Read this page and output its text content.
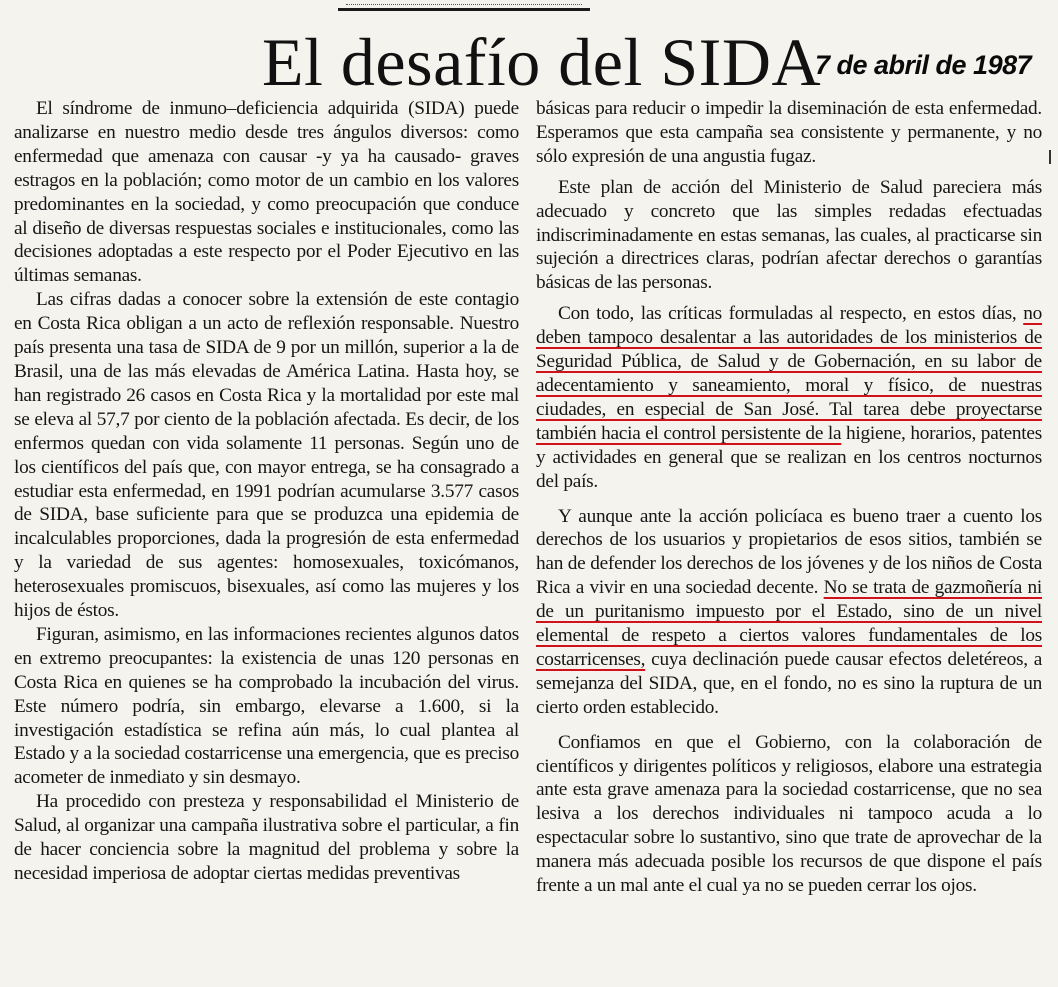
El desafío del SIDA
7 de abril de 1987

El síndrome de inmuno–deficiencia adquirida (SIDA) puede analizarse en nuestro medio desde tres ángulos diversos: como enfermedad que amenaza con causar -y ya ha causado- graves estragos en la población; como motor de un cambio en los valores predominantes en la sociedad, y como preocupación que conduce al diseño de diversas respuestas sociales e institucionales, como las decisiones adoptadas a este respecto por el Poder Ejecutivo en las últimas semanas.

Las cifras dadas a conocer sobre la extensión de este contagio en Costa Rica obligan a un acto de reflexión responsable. Nuestro país presenta una tasa de SIDA de 9 por un millón, superior a la de Brasil, una de las más elevadas de América Latina. Hasta hoy, se han registrado 26 casos en Costa Rica y la mortalidad por este mal se eleva al 57,7 por ciento de la población afectada. Es decir, de los enfermos quedan con vida solamente 11 personas. Según uno de los científicos del país que, con mayor entrega, se ha consagrado a estudiar esta enfermedad, en 1991 podrían acumularse 3.577 casos de SIDA, base suficiente para que se produzca una epidemia de incalculables proporciones, dada la progresión de esta enfermedad y la variedad de sus agentes: homosexuales, toxicómanos, heterosexuales promiscuos, bisexuales, así como las mujeres y los hijos de éstos.

Figuran, asimismo, en las informaciones recientes algunos datos en extremo preocupantes: la existencia de unas 120 personas en Costa Rica en quienes se ha comprobado la incubación del virus. Este número podría, sin embargo, elevarse a 1.600, si la investigación estadística se refina aún más, lo cual plantea al Estado y a la sociedad costarricense una emergencia, que es preciso acometer de inmediato y sin desmayo.

Ha procedido con presteza y responsabilidad el Ministerio de Salud, al organizar una campaña ilustrativa sobre el particular, a fin de hacer conciencia sobre la magnitud del problema y sobre la necesidad imperiosa de adoptar ciertas medidas preventivas

básicas para reducir o impedir la diseminación de esta enfermedad. Esperamos que esta campaña sea consistente y permanente, y no sólo expresión de una angustia fugaz.

Este plan de acción del Ministerio de Salud pareciera más adecuado y concreto que las simples redadas efectuadas indiscriminadamente en estas semanas, las cuales, al practicarse sin sujeción a directrices claras, podrían afectar derechos o garantías básicas de las personas.

Con todo, las críticas formuladas al respecto, en estos días, no deben tampoco desalentar a las autoridades de los ministerios de Seguridad Pública, de Salud y de Gobernación, en su labor de adecentamiento y saneamiento, moral y físico, de nuestras ciudades, en especial de San José. Tal tarea debe proyectarse también hacia el control persistente de la higiene, horarios, patentes y actividades en general que se realizan en los centros nocturnos del país.

Y aunque ante la acción policíaca es bueno traer a cuento los derechos de los usuarios y propietarios de esos sitios, también se han de defender los derechos de los jóvenes y de los niños de Costa Rica a vivir en una sociedad decente. No se trata de gazmoñería ni de un puritanismo impuesto por el Estado, sino de un nivel elemental de respeto a ciertos valores fundamentales de los costarricenses, cuya declinación puede causar efectos deletéreos, a semejanza del SIDA, que, en el fondo, no es sino la ruptura de un cierto orden establecido.

Confiamos en que el Gobierno, con la colaboración de científicos y dirigentes políticos y religiosos, elabore una estrategia ante esta grave amenaza para la sociedad costarricense, que no sea lesiva a los derechos individuales ni tampoco acuda a lo espectacular sobre lo sustantivo, sino que trate de aprovechar de la manera más adecuada posible los recursos de que dispone el país frente a un mal ante el cual ya no se pueden cerrar los ojos.
